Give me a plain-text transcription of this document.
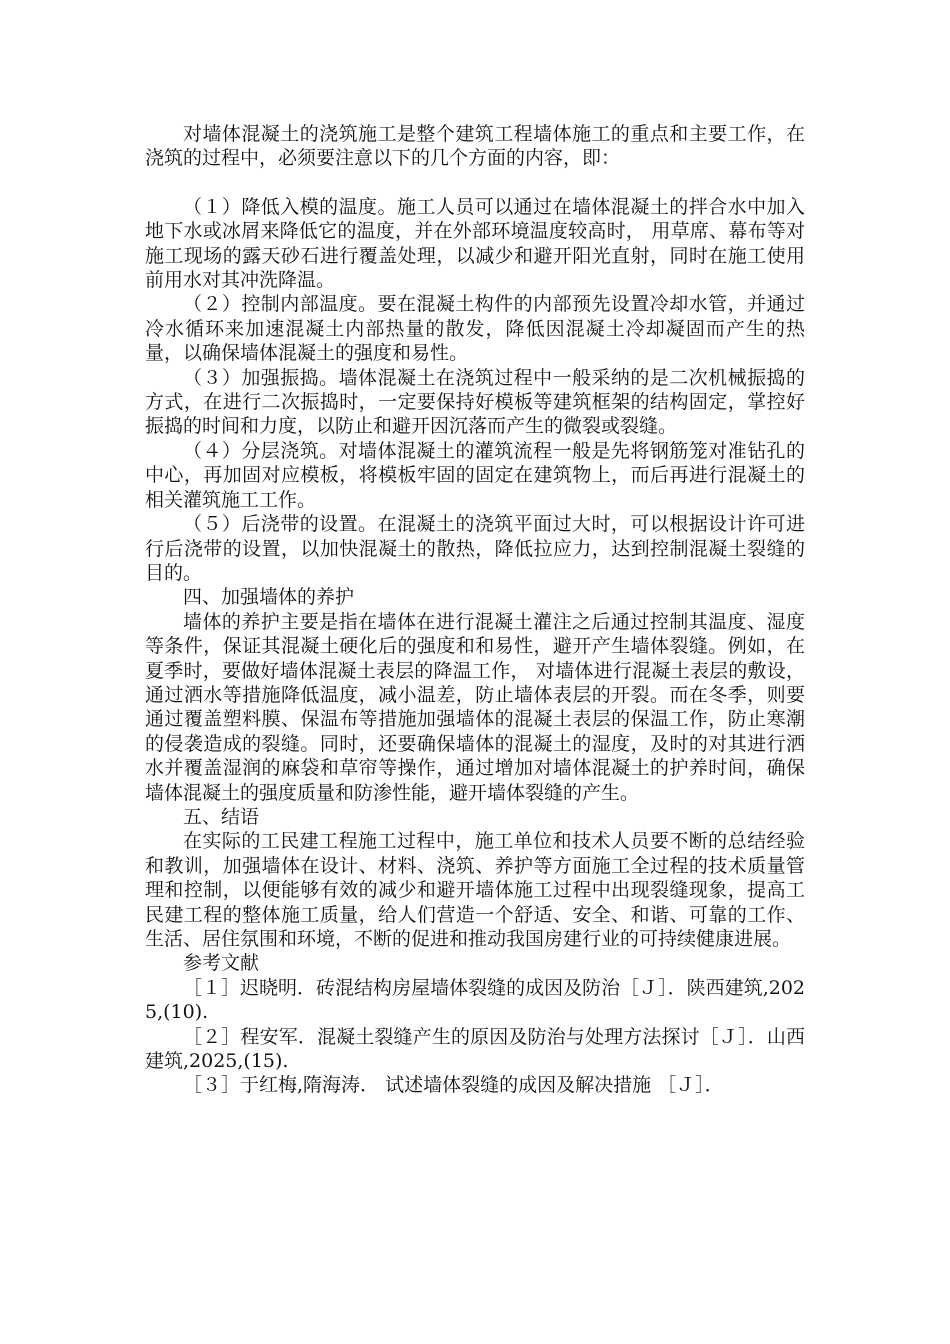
对墙体混凝土的浇筑施工是整个建筑工程墙体施工的重点和主要工作，在浇筑的过程中，必须要注意以下的几个方面的内容，即：

（１）降低入模的温度。施工人员可以通过在墙体混凝土的拌合水中加入地下水或冰屑来降低它的温度，并在外部环境温度较高时， 用草席、幕布等对施工现场的露天砂石进行覆盖处理，以减少和避开阳光直射，同时在施工使用前用水对其冲洗降温。

（２）控制内部温度。要在混凝土构件的内部预先设置冷却水管，并通过冷水循环来加速混凝土内部热量的散发，降低因混凝土冷却凝固而产生的热量，以确保墙体混凝土的强度和易性。

（３）加强振捣。墙体混凝土在浇筑过程中一般采纳的是二次机械振捣的方式，在进行二次振捣时，一定要保持好模板等建筑框架的结构固定，掌控好振捣的时间和力度，以防止和避开因沉落而产生的微裂或裂缝。

（４）分层浇筑。对墙体混凝土的灌筑流程一般是先将钢筋笼对准钻孔的中心，再加固对应模板，将模板牢固的固定在建筑物上，而后再进行混凝土的相关灌筑施工工作。

（５）后浇带的设置。在混凝土的浇筑平面过大时，可以根据设计许可进行后浇带的设置，以加快混凝土的散热，降低拉应力，达到控制混凝土裂缝的目的。

四、加强墙体的养护

墙体的养护主要是指在墙体在进行混凝土灌注之后通过控制其温度、湿度等条件，保证其混凝土硬化后的强度和和易性，避开产生墙体裂缝。例如，在夏季时，要做好墙体混凝土表层的降温工作， 对墙体进行混凝土表层的敷设，通过洒水等措施降低温度，减小温差，防止墙体表层的开裂。而在冬季，则要通过覆盖塑料膜、保温布等措施加强墙体的混凝土表层的保温工作，防止寒潮的侵袭造成的裂缝。同时，还要确保墙体的混凝土的湿度，及时的对其进行洒水并覆盖湿润的麻袋和草帘等操作，通过增加对墙体混凝土的护养时间，确保墙体混凝土的强度质量和防渗性能，避开墙体裂缝的产生。

五、结语

在实际的工民建工程施工过程中，施工单位和技术人员要不断的总结经验和教训，加强墙体在设计、材料、浇筑、养护等方面施工全过程的技术质量管理和控制，以便能够有效的减少和避开墙体施工过程中出现裂缝现象，提高工民建工程的整体施工质量，给人们营造一个舒适、安全、和谐、可靠的工作、生活、居住氛围和环境，不断的促进和推动我国房建行业的可持续健康进展。

参考文献

［１］迟晓明．砖混结构房屋墙体裂缝的成因及防治［Ｊ］．陕西建筑,2025,(10).

［２］程安军．混凝土裂缝产生的原因及防治与处理方法探讨［Ｊ］．山西建筑,2025,(15).

［３］于红梅,隋海涛． 试述墙体裂缝的成因及解决措施 ［Ｊ］．
